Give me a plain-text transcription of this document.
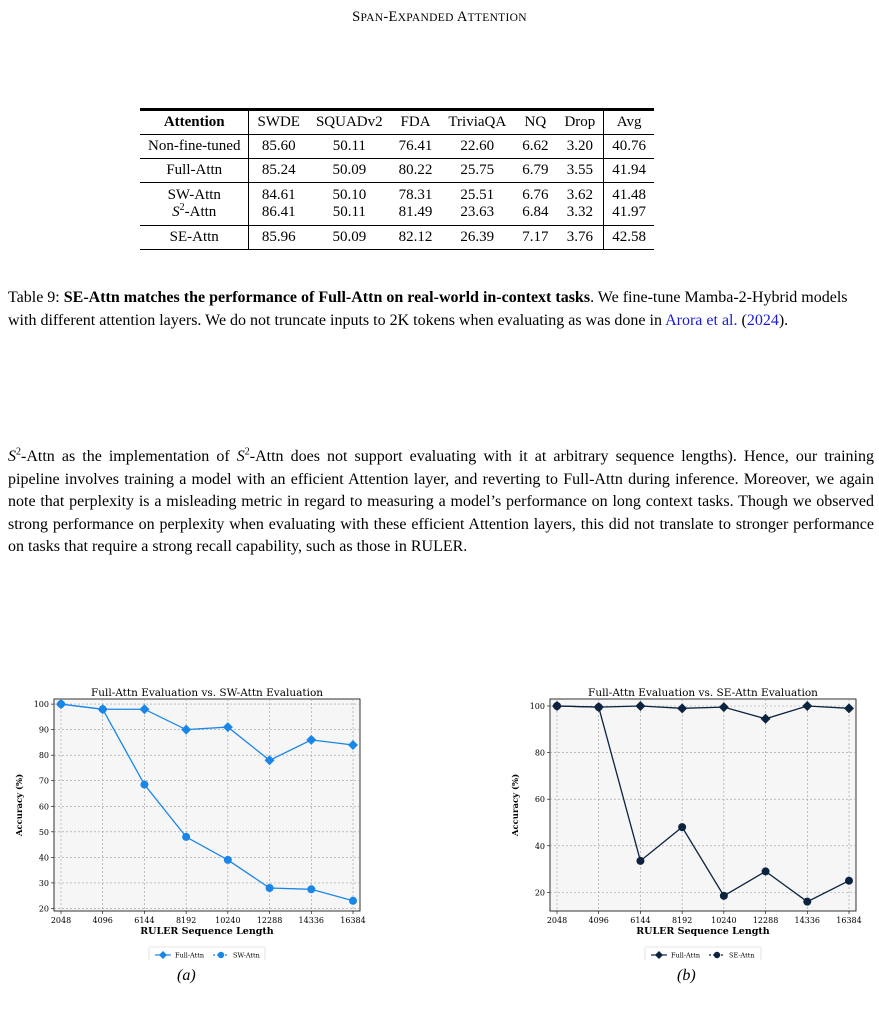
SPAN-EXPANDED ATTENTION
Attention	SWDE	SQUADv2	FDA	TriviaQA	NQ	Drop	Avg
Non-fine-tuned	85.60	50.11	76.41	22.60	6.62	3.20	40.76
Full-Attn	85.24	50.09	80.22	25.75	6.79	3.55	41.94
SW-Attn	84.61	50.10	78.31	25.51	6.76	3.62	41.48
$S^2$-Attn	86.41	50.11	81.49	23.63	6.84	3.32	41.97
SE-Attn	85.96	50.09	82.12	26.39	7.17	3.76	42.58
Table 9: SE-Attn matches the performance of Full-Attn on real-world in-context tasks. We fine-tune Mamba-2-Hybrid models with different attention layers. We do not truncate inputs to 2K tokens when evaluating as was done in Arora et al. (2024).
$S^2$-Attn as the implementation of $S^2$-Attn does not support evaluating with it at arbitrary sequence lengths). Hence, our training pipeline involves training a model with an efficient Attention layer, and reverting to Full-Attn during inference. Moreover, we again note that perplexity is a misleading metric in regard to measuring a model’s performance on long context tasks. Though we observed strong performance on perplexity when evaluating with these efficient Attention layers, this did not translate to stronger performance on tasks that require a strong recall capability, such as those in RULER.
Full-Attn Evaluation vs. SW-Attn Evaluation
20
30
40
50
60
70
80
90
100
2048	4096	6144	8192 10240 12288 14336 16384
RULER Sequence Length
Accuracy (%)
Full-Attn	SW-Attn
Full-Attn Evaluation vs. SE-Attn Evaluation
20
40
60
80
100
2048	4096	6144	8192 10240 12288 14336 16384
RULER Sequence Length
Accuracy (%)
Full-Attn	SE-Attn
(a)	(b)
